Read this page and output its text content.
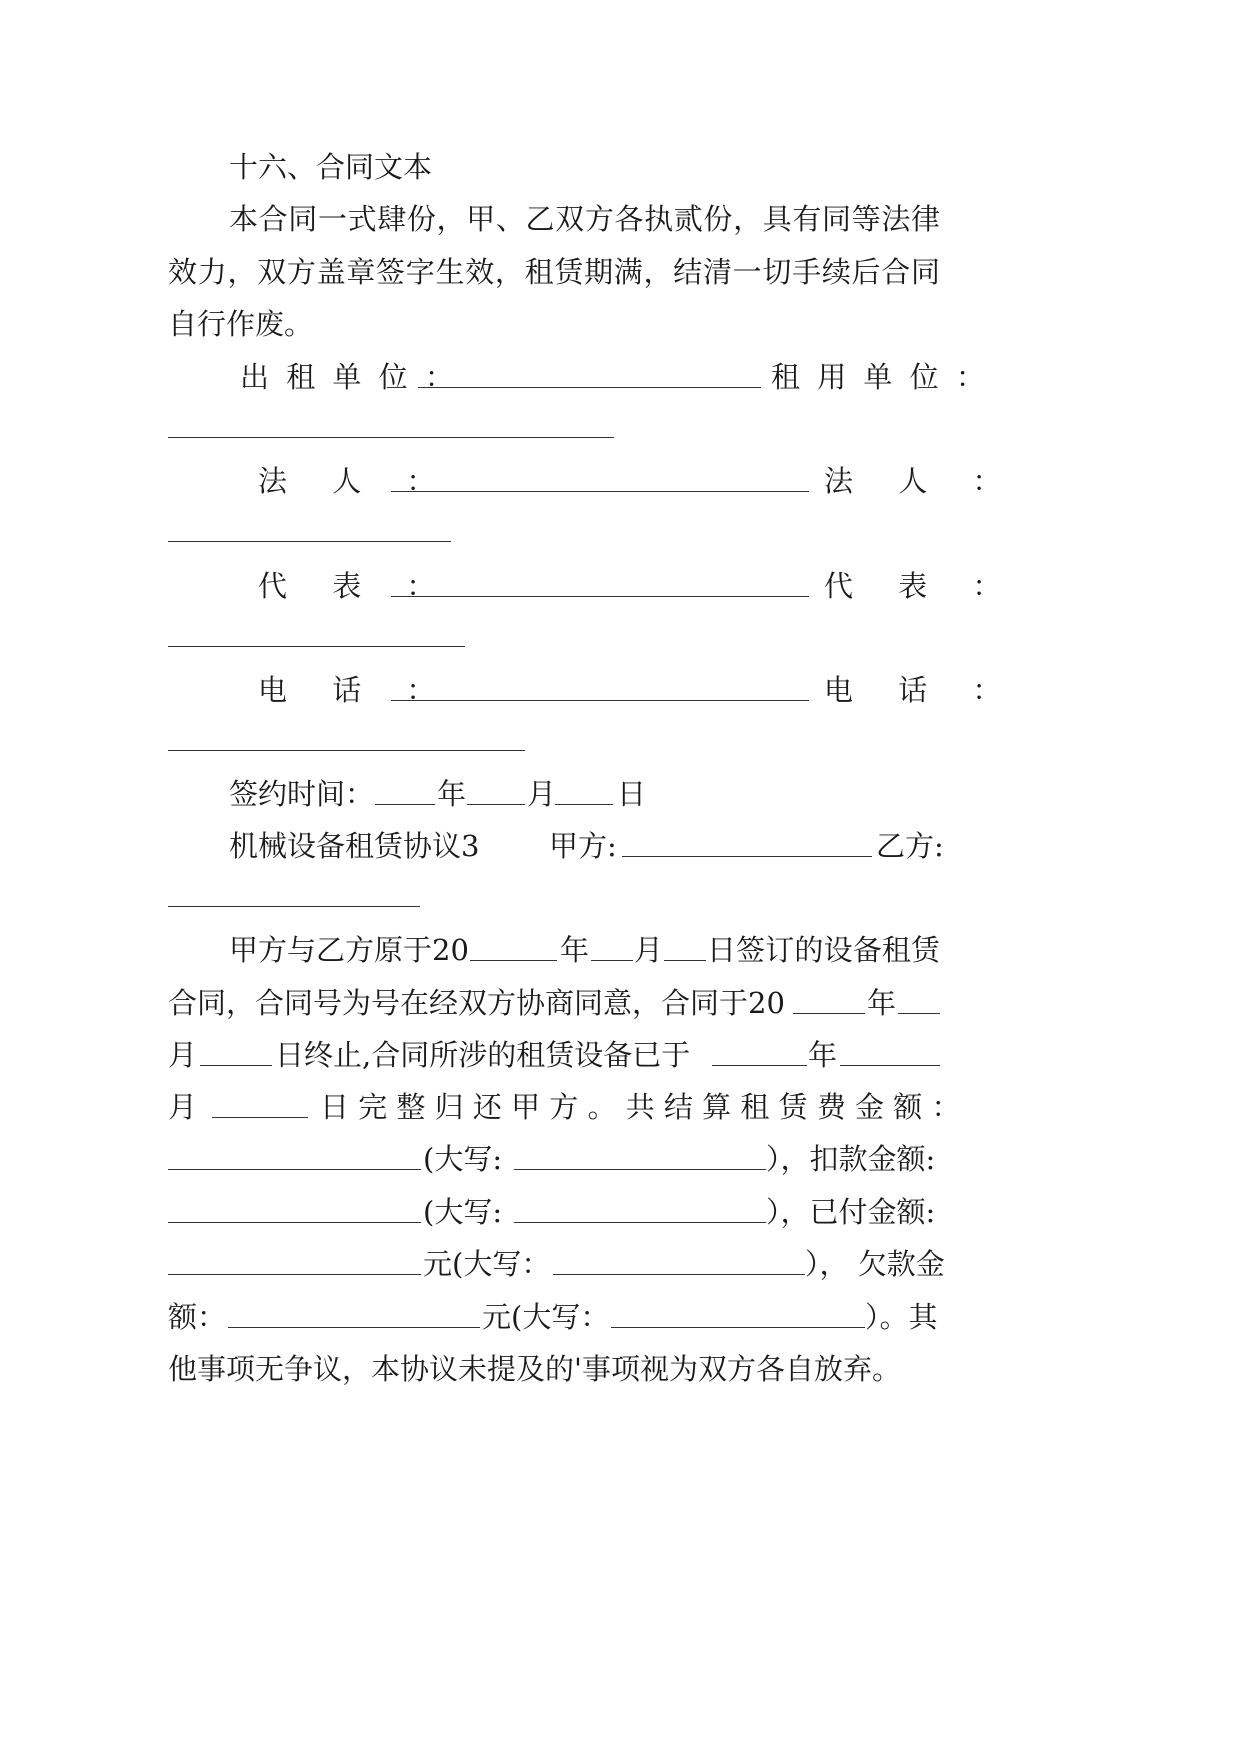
十六、合同文本
本合同一式肆份，甲、乙双方各执贰份，具有同等法律
效力，双方盖章签字生效，租赁期满，结清一切手续后合同
自行作废。
出 租 单 位 ：	租 用 单 位 ：
法 人 ：	法 人 ：
代 表 ：	代 表 ：
电 话 ：	电 话 ：
签约时间： 年 月 日
机械设备租赁协议3 甲方:	乙方:
甲方与乙方原于20	年 月 日签订的设备租赁
合同，合同号为号在经双方协商同意，合同于20	年
月	日终止,合同所涉的租赁设备已于	年
月	日 完 整 归 还 甲 方 。 共 结 算 租 赁 费 金 额 ：
(大写:	），扣款金额:
(大写:	），已付金额:
元(大写：	）， 欠款金
额：	元(大写：	）。其
他事项无争议，本协议未提及的'事项视为双方各自放弃。
